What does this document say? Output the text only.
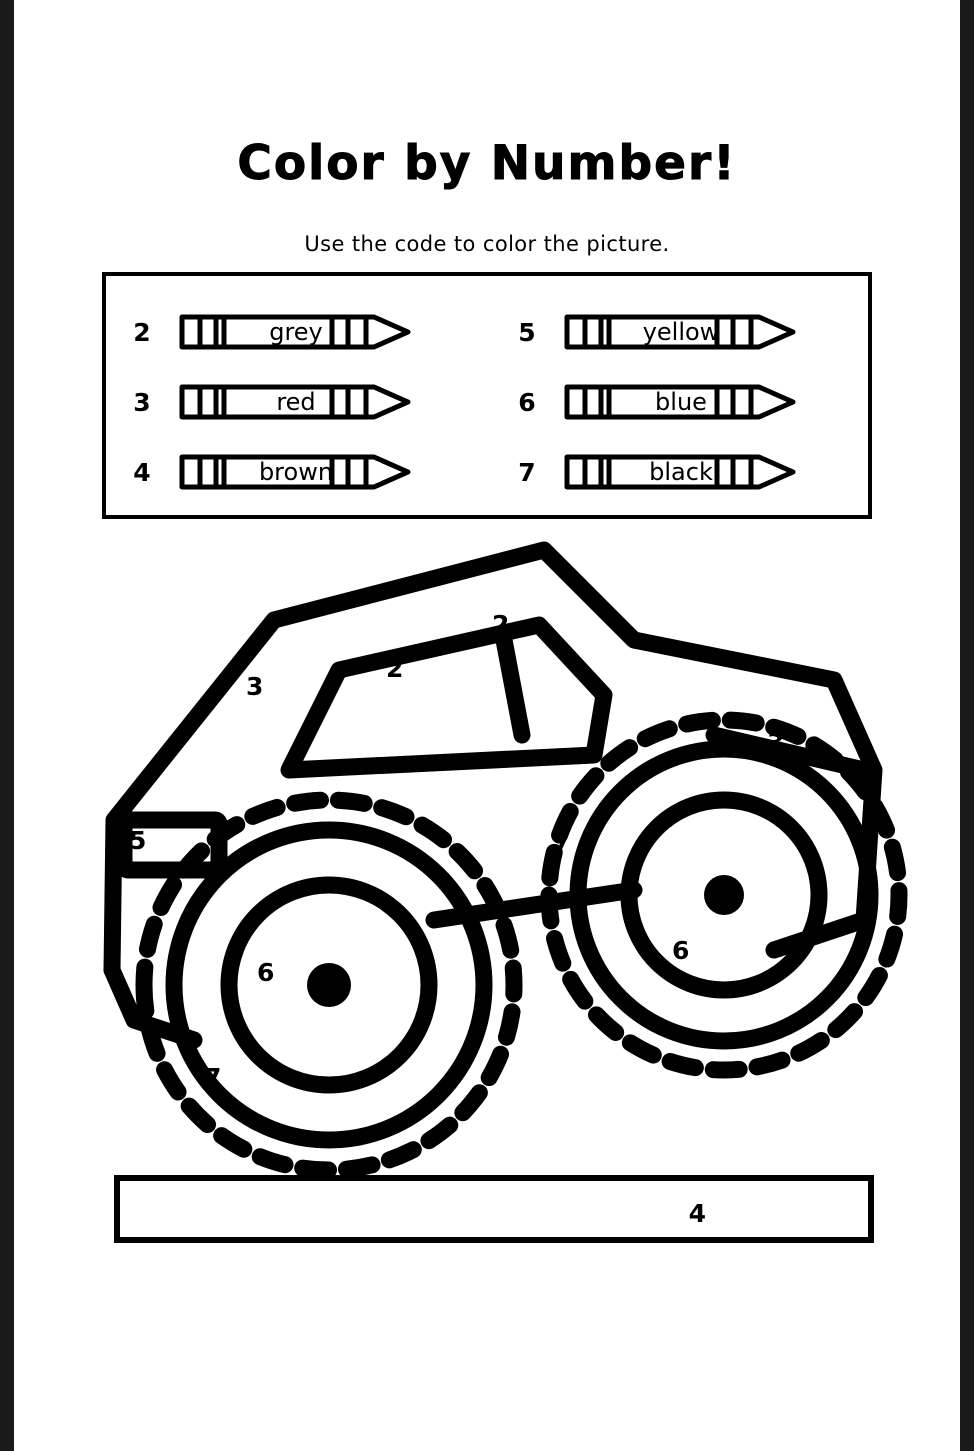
Color by Number!
Use the code to color the picture.
2	grey
3	red
4	brown
5	yellow
6	blue
7	black
2
2
3
3
5	7
6
6
7
4
